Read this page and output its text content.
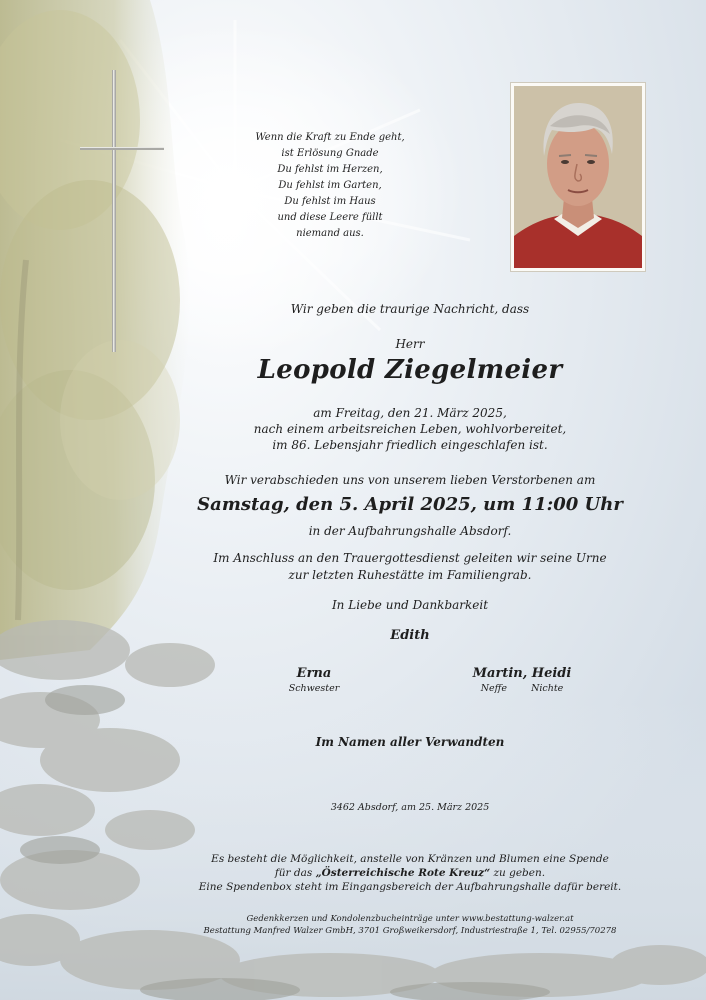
Wenn die Kraft zu Ende geht,
ist Erlösung Gnade
Du fehlst im Herzen,
Du fehlst im Garten,
Du fehlst im Haus
und diese Leere füllt
niemand aus.
Wir geben die traurige Nachricht, dass
Herr
Leopold Ziegelmeier
am Freitag, den 21. März 2025,
nach einem arbeitsreichen Leben, wohlvorbereitet,
im 86. Lebensjahr friedlich eingeschlafen ist.
Wir verabschieden uns von unserem lieben Verstorbenen am
Samstag, den 5. April 2025, um 11:00 Uhr
in der Aufbahrungshalle Absdorf.
Im Anschluss an den Trauergottesdienst geleiten wir seine Urne
zur letzten Ruhestätte im Familiengrab.
In Liebe und Dankbarkeit
Edith
Erna
Schwester
Martin, Heidi
Neffe	Nichte
Im Namen aller Verwandten
3462 Absdorf, am 25. März 2025
Es besteht die Möglichkeit, anstelle von Kränzen und Blumen eine Spende
für das „Österreichische Rote Kreuz“ zu geben.
Eine Spendenbox steht im Eingangsbereich der Aufbahrungshalle dafür bereit.
Gedenkkerzen und Kondolenzbucheinträge unter www.bestattung-walzer.at
Bestattung Manfred Walzer GmbH, 3701 Großweikersdorf, Industriestraße 1, Tel. 02955/70278
